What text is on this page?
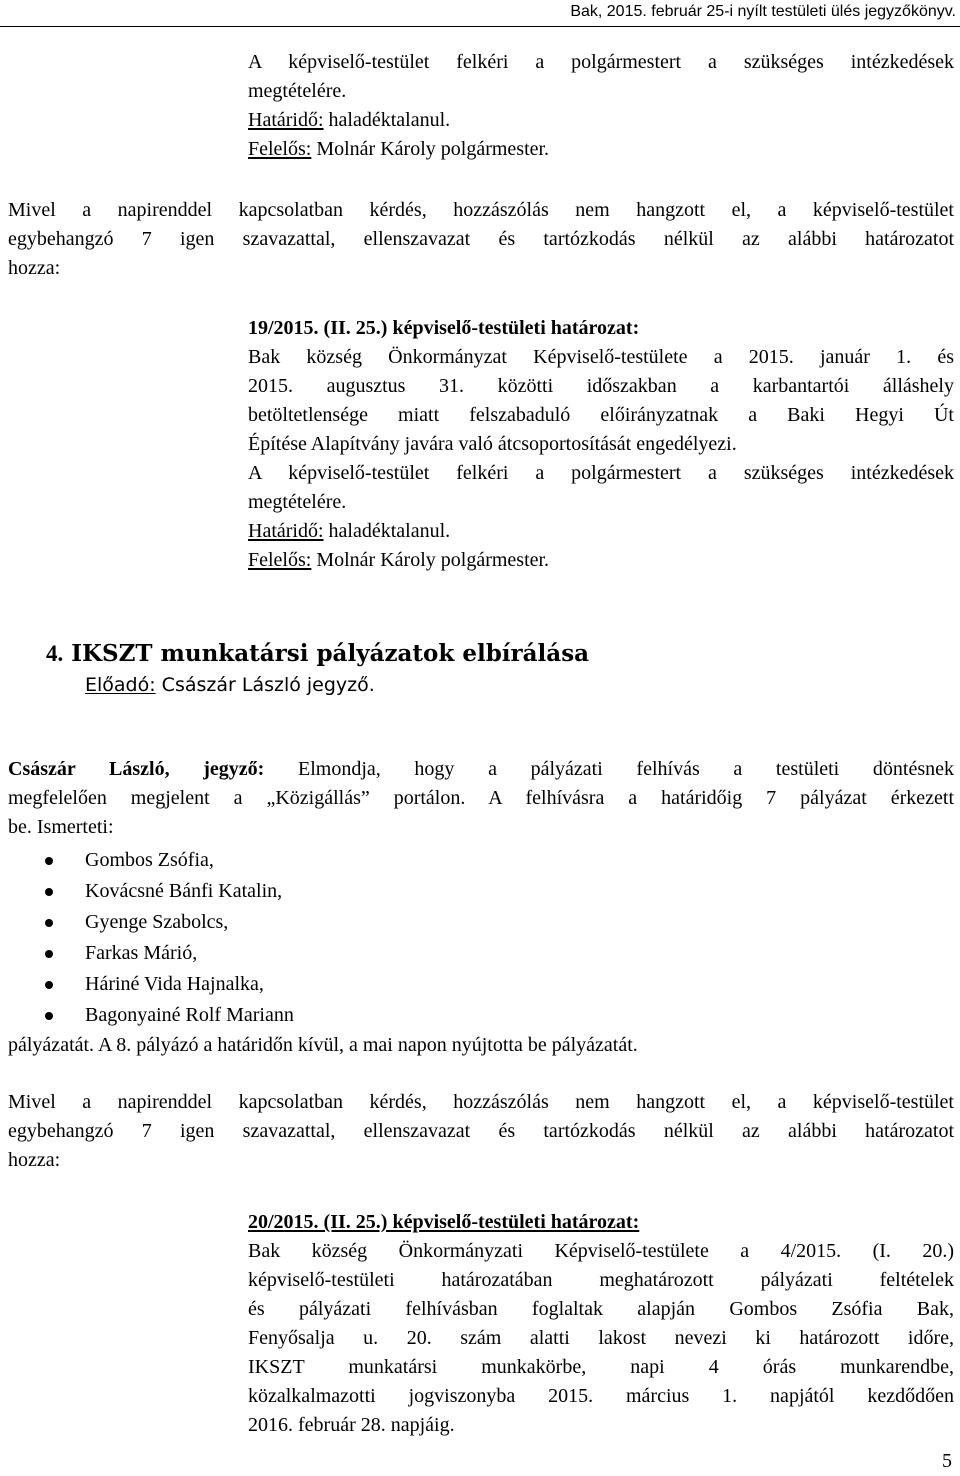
Bak, 2015. február 25-i nyílt testületi ülés jegyzőkönyv.
A képviselő-testület felkéri a polgármestert a szükséges intézkedések
megtételére.
Határidő: haladéktalanul.
Felelős: Molnár Károly polgármester.
Mivel a napirenddel kapcsolatban kérdés, hozzászólás nem hangzott el, a képviselő-testület
egybehangzó 7 igen szavazattal, ellenszavazat és tartózkodás nélkül az alábbi határozatot
hozza:
19/2015. (II. 25.) képviselő-testületi határozat:
Bak község Önkormányzat Képviselő-testülete a 2015. január 1. és
2015. augusztus 31. közötti időszakban a karbantartói álláshely
betöltetlensége miatt felszabaduló előirányzatnak a Baki Hegyi Út
Építése Alapítvány javára való átcsoportosítását engedélyezi.
A képviselő-testület felkéri a polgármestert a szükséges intézkedések
megtételére.
Határidő: haladéktalanul.
Felelős: Molnár Károly polgármester.
4. IKSZT munkatársi pályázatok elbírálása
Előadó: Császár László jegyző.
Császár László, jegyző: Elmondja, hogy a pályázati felhívás a testületi döntésnek
megfelelően megjelent a „Közigállás” portálon. A felhívásra a határidőig 7 pályázat érkezett
be. Ismerteti:
Gombos Zsófia,
Kovácsné Bánfi Katalin,
Gyenge Szabolcs,
Farkas Márió,
Háriné Vida Hajnalka,
Bagonyainé Rolf Mariann
pályázatát. A 8. pályázó a határidőn kívül, a mai napon nyújtotta be pályázatát.
Mivel a napirenddel kapcsolatban kérdés, hozzászólás nem hangzott el, a képviselő-testület
egybehangzó 7 igen szavazattal, ellenszavazat és tartózkodás nélkül az alábbi határozatot
hozza:
20/2015. (II. 25.) képviselő-testületi határozat:
Bak község Önkormányzati Képviselő-testülete a 4/2015. (I. 20.)
képviselő-testületi határozatában meghatározott pályázati feltételek
és pályázati felhívásban foglaltak alapján Gombos Zsófia Bak,
Fenyősalja u. 20. szám alatti lakost nevezi ki határozott időre,
IKSZT munkatársi munkakörbe, napi 4 órás munkarendbe,
közalkalmazotti jogviszonyba 2015. március 1. napjától kezdődően
2016. február 28. napjáig.
5
